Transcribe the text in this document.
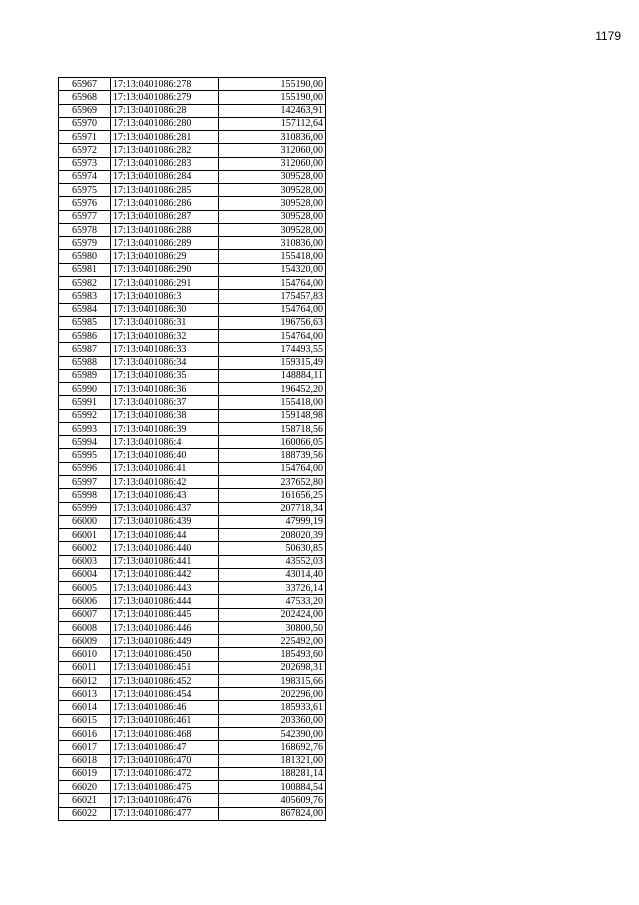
1179
65967	17:13:0401086:278	155190,00
65968	17:13:0401086:279	155190,00
65969	17:13:0401086:28	142463,91
65970	17:13:0401086:280	157112,64
65971	17:13:0401086:281	310836,00
65972	17:13:0401086:282	312060,00
65973	17:13:0401086:283	312060,00
65974	17:13:0401086:284	309528,00
65975	17:13:0401086:285	309528,00
65976	17:13:0401086:286	309528,00
65977	17:13:0401086:287	309528,00
65978	17:13:0401086:288	309528,00
65979	17:13:0401086:289	310836,00
65980	17:13:0401086:29	155418,00
65981	17:13:0401086:290	154320,00
65982	17:13:0401086:291	154764,00
65983	17:13:0401086:3	175457,83
65984	17:13:0401086:30	154764,00
65985	17:13:0401086:31	196756,63
65986	17:13:0401086:32	154764,00
65987	17:13:0401086:33	174493,55
65988	17:13:0401086:34	159315,49
65989	17:13:0401086:35	148884,11
65990	17:13:0401086:36	196452,20
65991	17:13:0401086:37	155418,00
65992	17:13:0401086:38	159148,98
65993	17:13:0401086:39	158718,56
65994	17:13:0401086:4	160066,05
65995	17:13:0401086:40	188739,56
65996	17:13:0401086:41	154764,00
65997	17:13:0401086:42	237652,80
65998	17:13:0401086:43	161656,25
65999	17:13:0401086:437	207718,34
66000	17:13:0401086:439	47999,19
66001	17:13:0401086:44	208020,39
66002	17:13:0401086:440	50630,85
66003	17:13:0401086:441	43552,03
66004	17:13:0401086:442	43014,40
66005	17:13:0401086:443	33726,14
66006	17:13:0401086:444	47533,20
66007	17:13:0401086:445	202424,00
66008	17:13:0401086:446	30800,50
66009	17:13:0401086:449	225492,00
66010	17:13:0401086:450	185493,60
66011	17:13:0401086:451	202698,31
66012	17:13:0401086:452	198315,66
66013	17:13:0401086:454	202296,00
66014	17:13:0401086:46	185933,61
66015	17:13:0401086:461	203360,00
66016	17:13:0401086:468	542390,00
66017	17:13:0401086:47	168692,76
66018	17:13:0401086:470	181321,00
66019	17:13:0401086:472	188281,14
66020	17:13:0401086:475	100884,54
66021	17:13:0401086:476	405609,76
66022	17:13:0401086:477	867824,00
